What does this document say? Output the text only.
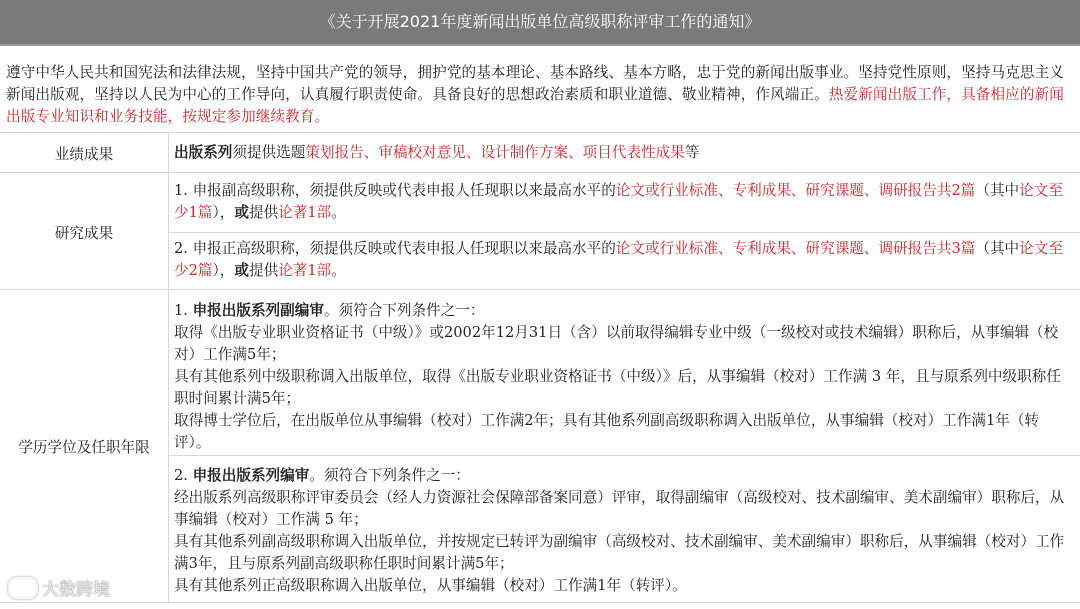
《关于开展2021年度新闻出版单位高级职称评审工作的通知》
遵守中华人民共和国宪法和法律法规，坚持中国共产党的领导，拥护党的基本理论、基本路线、基本方略，忠于党的新闻出版事业。坚持党性原则，坚持马克思主义新闻出版观，坚持以人民为中心的工作导向，认真履行职责使命。具备良好的思想政治素质和职业道德、敬业精神，作风端正。热爱新闻出版工作，具备相应的新闻出版专业知识和业务技能，按规定参加继续教育。
业绩成果	出版系列须提供选题策划报告、审稿校对意见、设计制作方案、项目代表性成果等
研究成果
1. 申报副高级职称，须提供反映或代表申报人任现职以来最高水平的论文或行业标准、专利成果、研究课题、调研报告共2篇（其中论文至少1篇），或提供论著1部。
2. 申报正高级职称，须提供反映或代表申报人任现职以来最高水平的论文或行业标准、专利成果、研究课题、调研报告共3篇（其中论文至少2篇），或提供论著1部。
学历学位及任职年限
1. 申报出版系列副编审。须符合下列条件之一：
取得《出版专业职业资格证书（中级）》或2002年12月31日（含）以前取得编辑专业中级（一级校对或技术编辑）职称后，从事编辑（校对）工作满5年；
具有其他系列中级职称调入出版单位，取得《出版专业职业资格证书（中级）》后，从事编辑（校对）工作满 3 年，且与原系列中级职称任职时间累计满5年；
取得博士学位后，在出版单位从事编辑（校对）工作满2年；具有其他系列副高级职称调入出版单位，从事编辑（校对）工作满1年（转评）。
2. 申报出版系列编审。须符合下列条件之一：
经出版系列高级职称评审委员会（经人力资源社会保障部备案同意）评审，取得副编审（高级校对、技术副编审、美术副编审）职称后，从事编辑（校对）工作满 5 年；
具有其他系列副高级职称调入出版单位，并按规定已转评为副编审（高级校对、技术副编审、美术副编审）职称后，从事编辑（校对）工作满3年，且与原系列副高级职称任职时间累计满5年；
具有其他系列正高级职称调入出版单位，从事编辑（校对）工作满1年（转评）。
大数跨境
